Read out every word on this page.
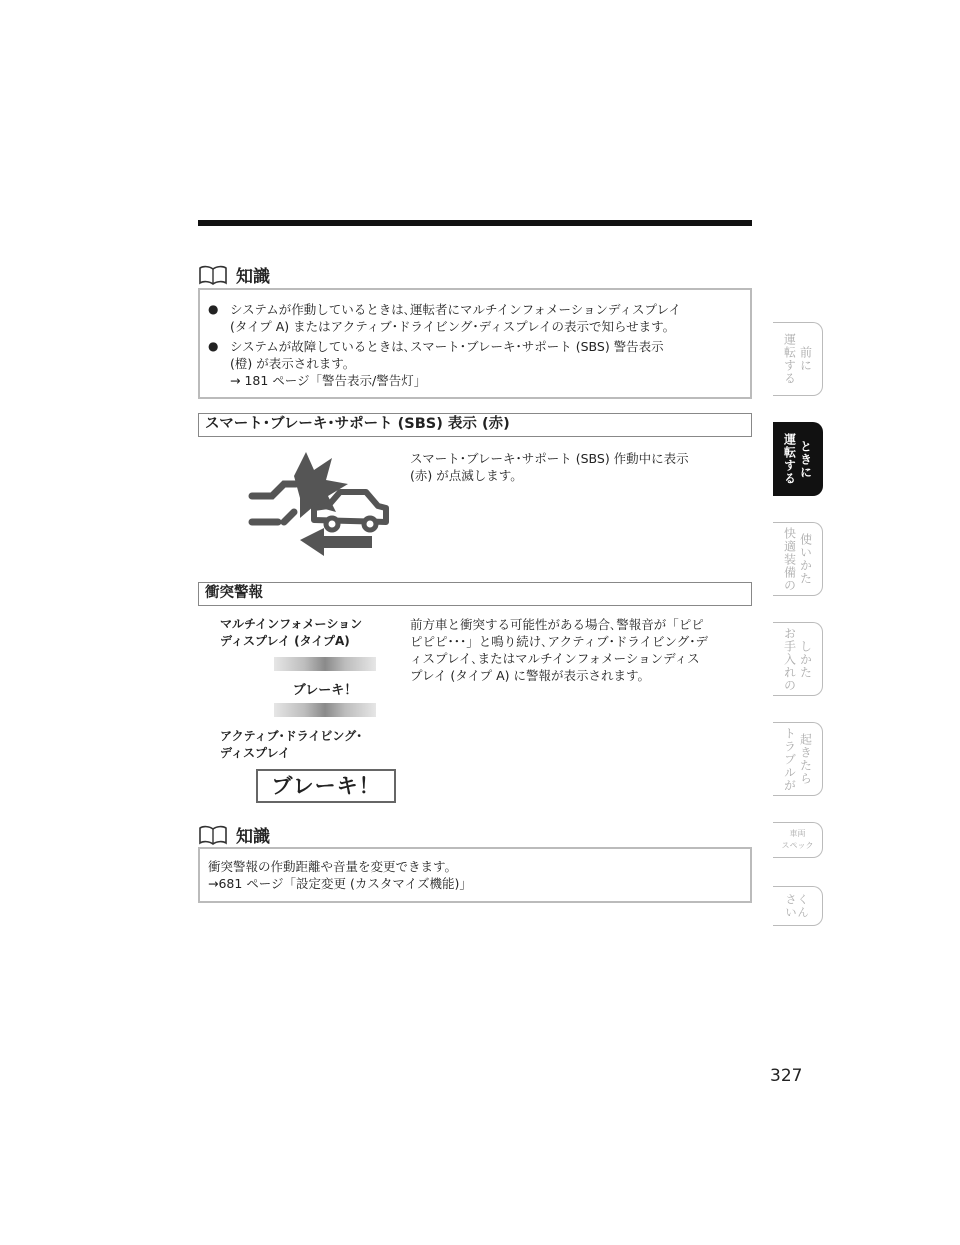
知識
● システムが作動しているときは､運転者にマルチインフォメーションディスプレイ
(タイプ A) またはアクティブ･ドライビング･ディスプレイの表示で知らせます。
● システムが故障しているときは､スマート･ブレーキ･サポート (SBS) 警告表示
(橙) が表示されます。
→ 181 ページ「警告表示/警告灯」
スマート･ブレーキ･サポート (SBS) 表示 (赤)
スマート･ブレーキ･サポート (SBS) 作動中に表示
(赤) が点滅します。
衝突警報
マルチインフォメーション
ディスプレイ (タイプA)
ブレーキ！
アクティブ･ドライビング･
ディスプレイ
ブレーキ！
前方車と衝突する可能性がある場合､警報音が「ピピ
ピピピ･･･」と鳴り続け､アクティブ･ドライビング･デ
ィスプレイ､またはマルチインフォメーションディス
プレイ (タイプ A) に警報が表示されます。
知識
衝突警報の作動距離や音量を変更できます。
→681 ページ「設定変更 (カスタマイズ機能)」
運転する 前に
運転する ときに
快適装備の 使いかた
お手入れの しかた
トラブルが 起きたら
車両
スペック
さく
いん
327
